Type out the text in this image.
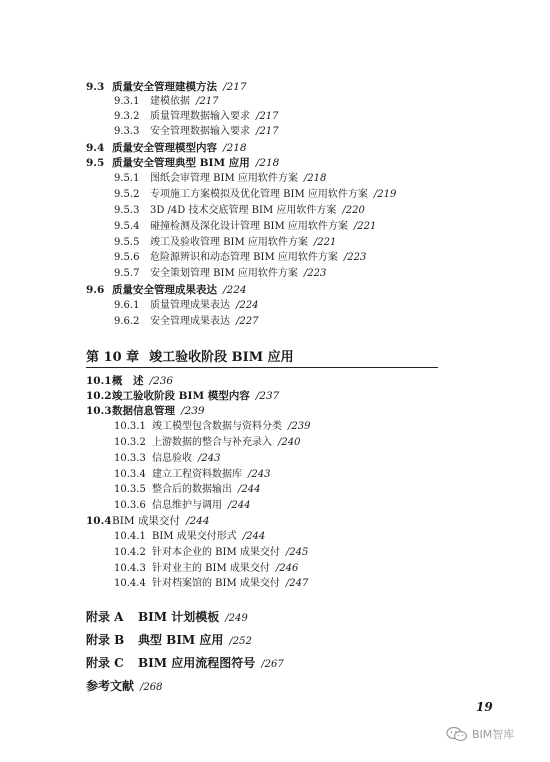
9.3 质量安全管理建模方法 /217
9.3.1 建模依据 /217
9.3.2 质量管理数据输入要求 /217
9.3.3 安全管理数据输入要求 /217
9.4 质量安全管理模型内容 /218
9.5 质量安全管理典型 BIM 应用 /218
9.5.1 图纸会审管理 BIM 应用软件方案 /218
9.5.2 专项施工方案模拟及优化管理 BIM 应用软件方案 /219
9.5.3 3D /4D 技术交底管理 BIM 应用软件方案 /220
9.5.4 碰撞检测及深化设计管理 BIM 应用软件方案 /221
9.5.5 竣工及验收管理 BIM 应用软件方案 /221
9.5.6 危险源辨识和动态管理 BIM 应用软件方案 /223
9.5.7 安全策划管理 BIM 应用软件方案 /223
9.6 质量安全管理成果表达 /224
9.6.1 质量管理成果表达 /224
9.6.2 安全管理成果表达 /227
第 10 章 竣工验收阶段 BIM 应用
10.1概　述 /236
10.2竣工验收阶段 BIM 模型内容 /237
10.3数据信息管理 /239
10.3.1 竣工模型包含数据与资料分类 /239
10.3.2 上游数据的整合与补充录入 /240
10.3.3 信息验收 /243
10.3.4 建立工程资料数据库 /243
10.3.5 整合后的数据输出 /244
10.3.6 信息维护与调用 /244
10.4BIM 成果交付 /244
10.4.1 BIM 成果交付形式 /244
10.4.2 针对本企业的 BIM 成果交付 /245
10.4.3 针对业主的 BIM 成果交付 /246
10.4.4 针对档案馆的 BIM 成果交付 /247
附录 A BIM 计划模板 /249
附录 B 典型 BIM 应用 /252
附录 C BIM 应用流程图符号 /267
参考文献 /268
19
BIM智库
